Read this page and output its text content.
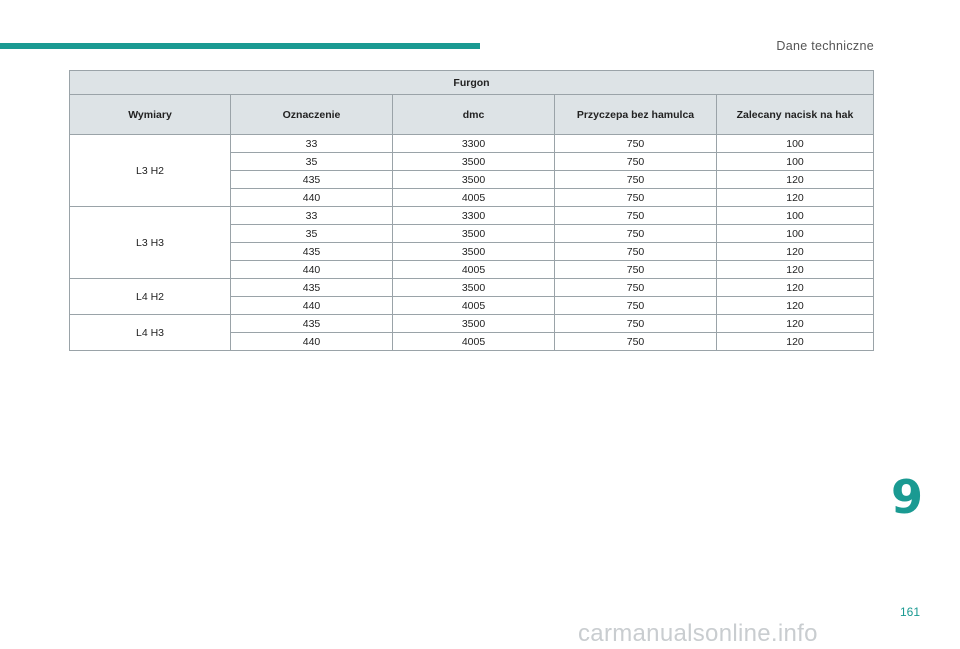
Dane techniczne
Furgon				
Wymiary	Oznaczenie	dmc	Przyczepa bez hamulca	Zalecany nacisk na hak
L3 H2	33	3300	750	100
	35	3500	750	100
	435	3500	750	120
	440	4005	750	120
L3 H3	33	3300	750	100
	35	3500	750	100
	435	3500	750	120
	440	4005	750	120
L4 H2	435	3500	750	120
	440	4005	750	120
L4 H3	435	3500	750	120
	440	4005	750	120
9
161
carmanualsonline.info
